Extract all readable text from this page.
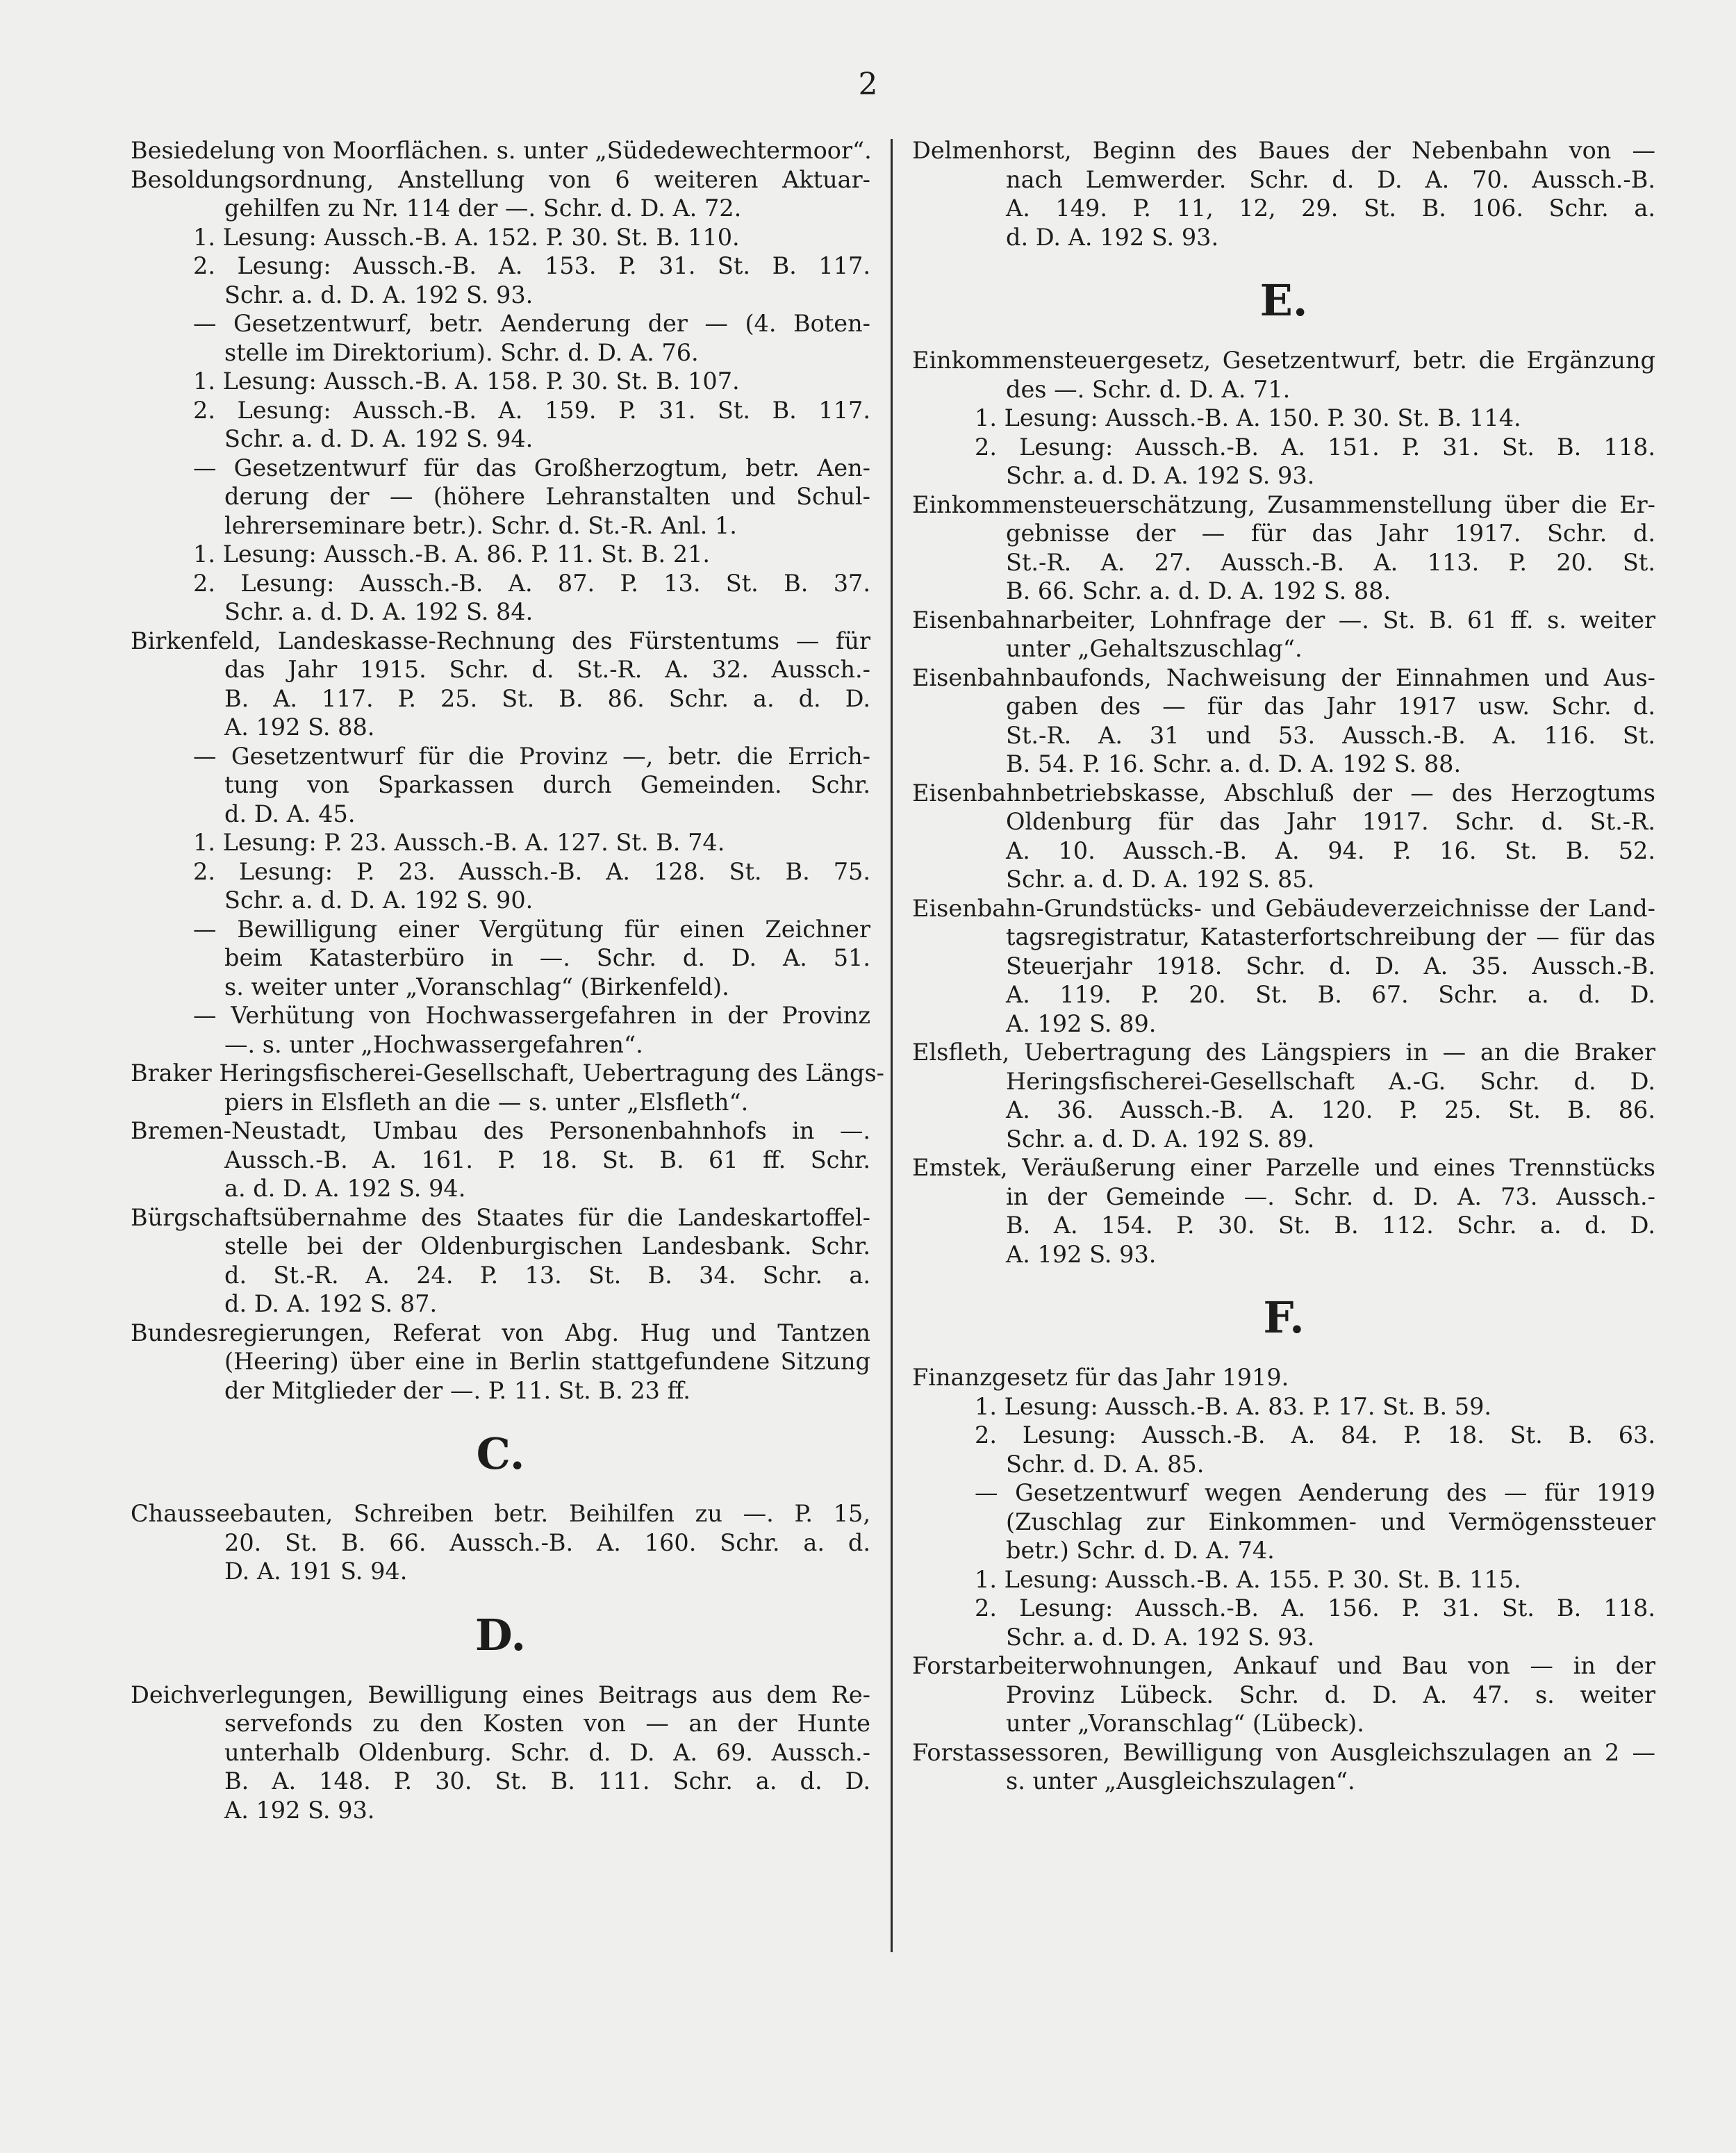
2
Besiedelung von Moorflächen. s. unter „Südedewechtermoor“.
Besoldungsordnung, Anstellung von 6 weiteren Aktuar-
gehilfen zu Nr. 114 der —. Schr. d. D. A. 72.
1. Lesung: Aussch.-B. A. 152. P. 30. St. B. 110.
2. Lesung: Aussch.-B. A. 153. P. 31. St. B. 117.
Schr. a. d. D. A. 192 S. 93.
— Gesetzentwurf, betr. Aenderung der — (4. Boten-
stelle im Direktorium). Schr. d. D. A. 76.
1. Lesung: Aussch.-B. A. 158. P. 30. St. B. 107.
2. Lesung: Aussch.-B. A. 159. P. 31. St. B. 117.
Schr. a. d. D. A. 192 S. 94.
— Gesetzentwurf für das Großherzogtum, betr. Aen-
derung der — (höhere Lehranstalten und Schul-
lehrerseminare betr.). Schr. d. St.-R. Anl. 1.
1. Lesung: Aussch.-B. A. 86. P. 11. St. B. 21.
2. Lesung: Aussch.-B. A. 87. P. 13. St. B. 37.
Schr. a. d. D. A. 192 S. 84.
Birkenfeld, Landeskasse-Rechnung des Fürstentums — für
das Jahr 1915. Schr. d. St.-R. A. 32. Aussch.-
B. A. 117. P. 25. St. B. 86. Schr. a. d. D.
A. 192 S. 88.
— Gesetzentwurf für die Provinz —, betr. die Errich-
tung von Sparkassen durch Gemeinden. Schr.
d. D. A. 45.
1. Lesung: P. 23. Aussch.-B. A. 127. St. B. 74.
2. Lesung: P. 23. Aussch.-B. A. 128. St. B. 75.
Schr. a. d. D. A. 192 S. 90.
— Bewilligung einer Vergütung für einen Zeichner
beim Katasterbüro in —. Schr. d. D. A. 51.
s. weiter unter „Voranschlag“ (Birkenfeld).
— Verhütung von Hochwassergefahren in der Provinz
—. s. unter „Hochwassergefahren“.
Braker Heringsfischerei-Gesellschaft, Uebertragung des Längs-
piers in Elsfleth an die — s. unter „Elsfleth“.
Bremen-Neustadt, Umbau des Personenbahnhofs in —.
Aussch.-B. A. 161. P. 18. St. B. 61 ff. Schr.
a. d. D. A. 192 S. 94.
Bürgschaftsübernahme des Staates für die Landeskartoffel-
stelle bei der Oldenburgischen Landesbank. Schr.
d. St.-R. A. 24. P. 13. St. B. 34. Schr. a.
d. D. A. 192 S. 87.
Bundesregierungen, Referat von Abg. Hug und Tantzen
(Heering) über eine in Berlin stattgefundene Sitzung
der Mitglieder der —. P. 11. St. B. 23 ff.
C.
Chausseebauten, Schreiben betr. Beihilfen zu —. P. 15,
20. St. B. 66. Aussch.-B. A. 160. Schr. a. d.
D. A. 191 S. 94.
D.
Deichverlegungen, Bewilligung eines Beitrags aus dem Re-
servefonds zu den Kosten von — an der Hunte
unterhalb Oldenburg. Schr. d. D. A. 69. Aussch.-
B. A. 148. P. 30. St. B. 111. Schr. a. d. D.
A. 192 S. 93.
Delmenhorst, Beginn des Baues der Nebenbahn von —
nach Lemwerder. Schr. d. D. A. 70. Aussch.-B.
A. 149. P. 11, 12, 29. St. B. 106. Schr. a.
d. D. A. 192 S. 93.
E.
Einkommensteuergesetz, Gesetzentwurf, betr. die Ergänzung
des —. Schr. d. D. A. 71.
1. Lesung: Aussch.-B. A. 150. P. 30. St. B. 114.
2. Lesung: Aussch.-B. A. 151. P. 31. St. B. 118.
Schr. a. d. D. A. 192 S. 93.
Einkommensteuerschätzung, Zusammenstellung über die Er-
gebnisse der — für das Jahr 1917. Schr. d.
St.-R. A. 27. Aussch.-B. A. 113. P. 20. St.
B. 66. Schr. a. d. D. A. 192 S. 88.
Eisenbahnarbeiter, Lohnfrage der —. St. B. 61 ff. s. weiter
unter „Gehaltszuschlag“.
Eisenbahnbaufonds, Nachweisung der Einnahmen und Aus-
gaben des — für das Jahr 1917 usw. Schr. d.
St.-R. A. 31 und 53. Aussch.-B. A. 116. St.
B. 54. P. 16. Schr. a. d. D. A. 192 S. 88.
Eisenbahnbetriebskasse, Abschluß der — des Herzogtums
Oldenburg für das Jahr 1917. Schr. d. St.-R.
A. 10. Aussch.-B. A. 94. P. 16. St. B. 52.
Schr. a. d. D. A. 192 S. 85.
Eisenbahn-Grundstücks- und Gebäudeverzeichnisse der Land-
tagsregistratur, Katasterfortschreibung der — für das
Steuerjahr 1918. Schr. d. D. A. 35. Aussch.-B.
A. 119. P. 20. St. B. 67. Schr. a. d. D.
A. 192 S. 89.
Elsfleth, Uebertragung des Längspiers in — an die Braker
Heringsfischerei-Gesellschaft A.-G. Schr. d. D.
A. 36. Aussch.-B. A. 120. P. 25. St. B. 86.
Schr. a. d. D. A. 192 S. 89.
Emstek, Veräußerung einer Parzelle und eines Trennstücks
in der Gemeinde —. Schr. d. D. A. 73. Aussch.-
B. A. 154. P. 30. St. B. 112. Schr. a. d. D.
A. 192 S. 93.
F.
Finanzgesetz für das Jahr 1919.
1. Lesung: Aussch.-B. A. 83. P. 17. St. B. 59.
2. Lesung: Aussch.-B. A. 84. P. 18. St. B. 63.
Schr. d. D. A. 85.
— Gesetzentwurf wegen Aenderung des — für 1919
(Zuschlag zur Einkommen- und Vermögenssteuer
betr.) Schr. d. D. A. 74.
1. Lesung: Aussch.-B. A. 155. P. 30. St. B. 115.
2. Lesung: Aussch.-B. A. 156. P. 31. St. B. 118.
Schr. a. d. D. A. 192 S. 93.
Forstarbeiterwohnungen, Ankauf und Bau von — in der
Provinz Lübeck. Schr. d. D. A. 47. s. weiter
unter „Voranschlag“ (Lübeck).
Forstassessoren, Bewilligung von Ausgleichszulagen an 2 —
s. unter „Ausgleichszulagen“.
